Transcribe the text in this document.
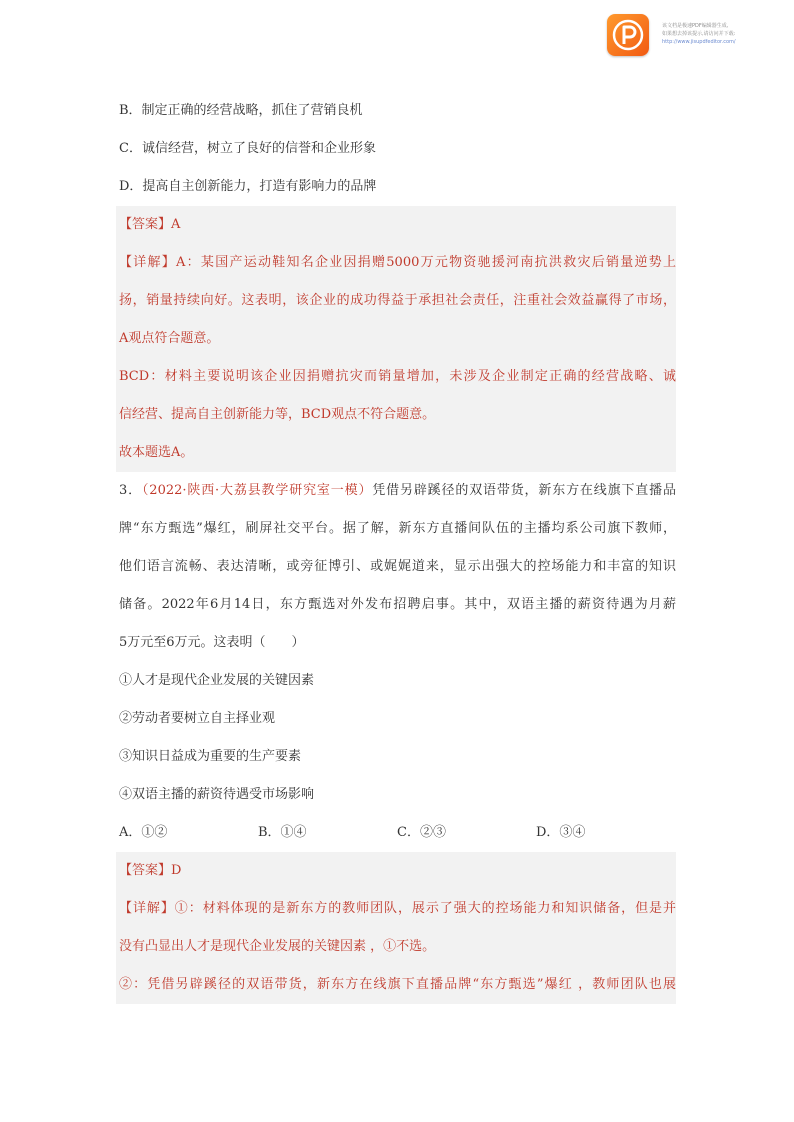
该文档是极速PDF编辑器生成,
如果想去掉该提示,请访问并下载:
http://www.jisupdfeditor.com/
B．制定正确的经营战略，抓住了营销良机
C．诚信经营，树立了良好的信誉和企业形象
D．提高自主创新能力，打造有影响力的品牌
【答案】A
【详解】A：某国产运动鞋知名企业因捐赠5000万元物资驰援河南抗洪救灾后销量逆势上
扬，销量持续向好。这表明，该企业的成功得益于承担社会责任，注重社会效益赢得了市场，
A观点符合题意。
BCD：材料主要说明该企业因捐赠抗灾而销量增加，未涉及企业制定正确的经营战略、诚
信经营、提高自主创新能力等，BCD观点不符合题意。
故本题选A。
3．（2022·陕西·大荔县教学研究室一模）凭借另辟蹊径的双语带货，新东方在线旗下直播品
牌“东方甄选”爆红，刷屏社交平台。据了解，新东方直播间队伍的主播均系公司旗下教师，
他们语言流畅、表达清晰，或旁征博引、或娓娓道来，显示出强大的控场能力和丰富的知识
储备。2022年6月14日，东方甄选对外发布招聘启事。其中，双语主播的薪资待遇为月薪
5万元至6万元。这表明（　　）
①人才是现代企业发展的关键因素
②劳动者要树立自主择业观
③知识日益成为重要的生产要素
④双语主播的薪资待遇受市场影响
A．①②	B．①④	C．②③	D．③④
【答案】D
【详解】①：材料体现的是新东方的教师团队，展示了强大的控场能力和知识储备，但是并
没有凸显出人才是现代企业发展的关键因素 ，①不选。
②：凭借另辟蹊径的双语带货，新东方在线旗下直播品牌“东方甄选”爆红 ，教师团队也展
